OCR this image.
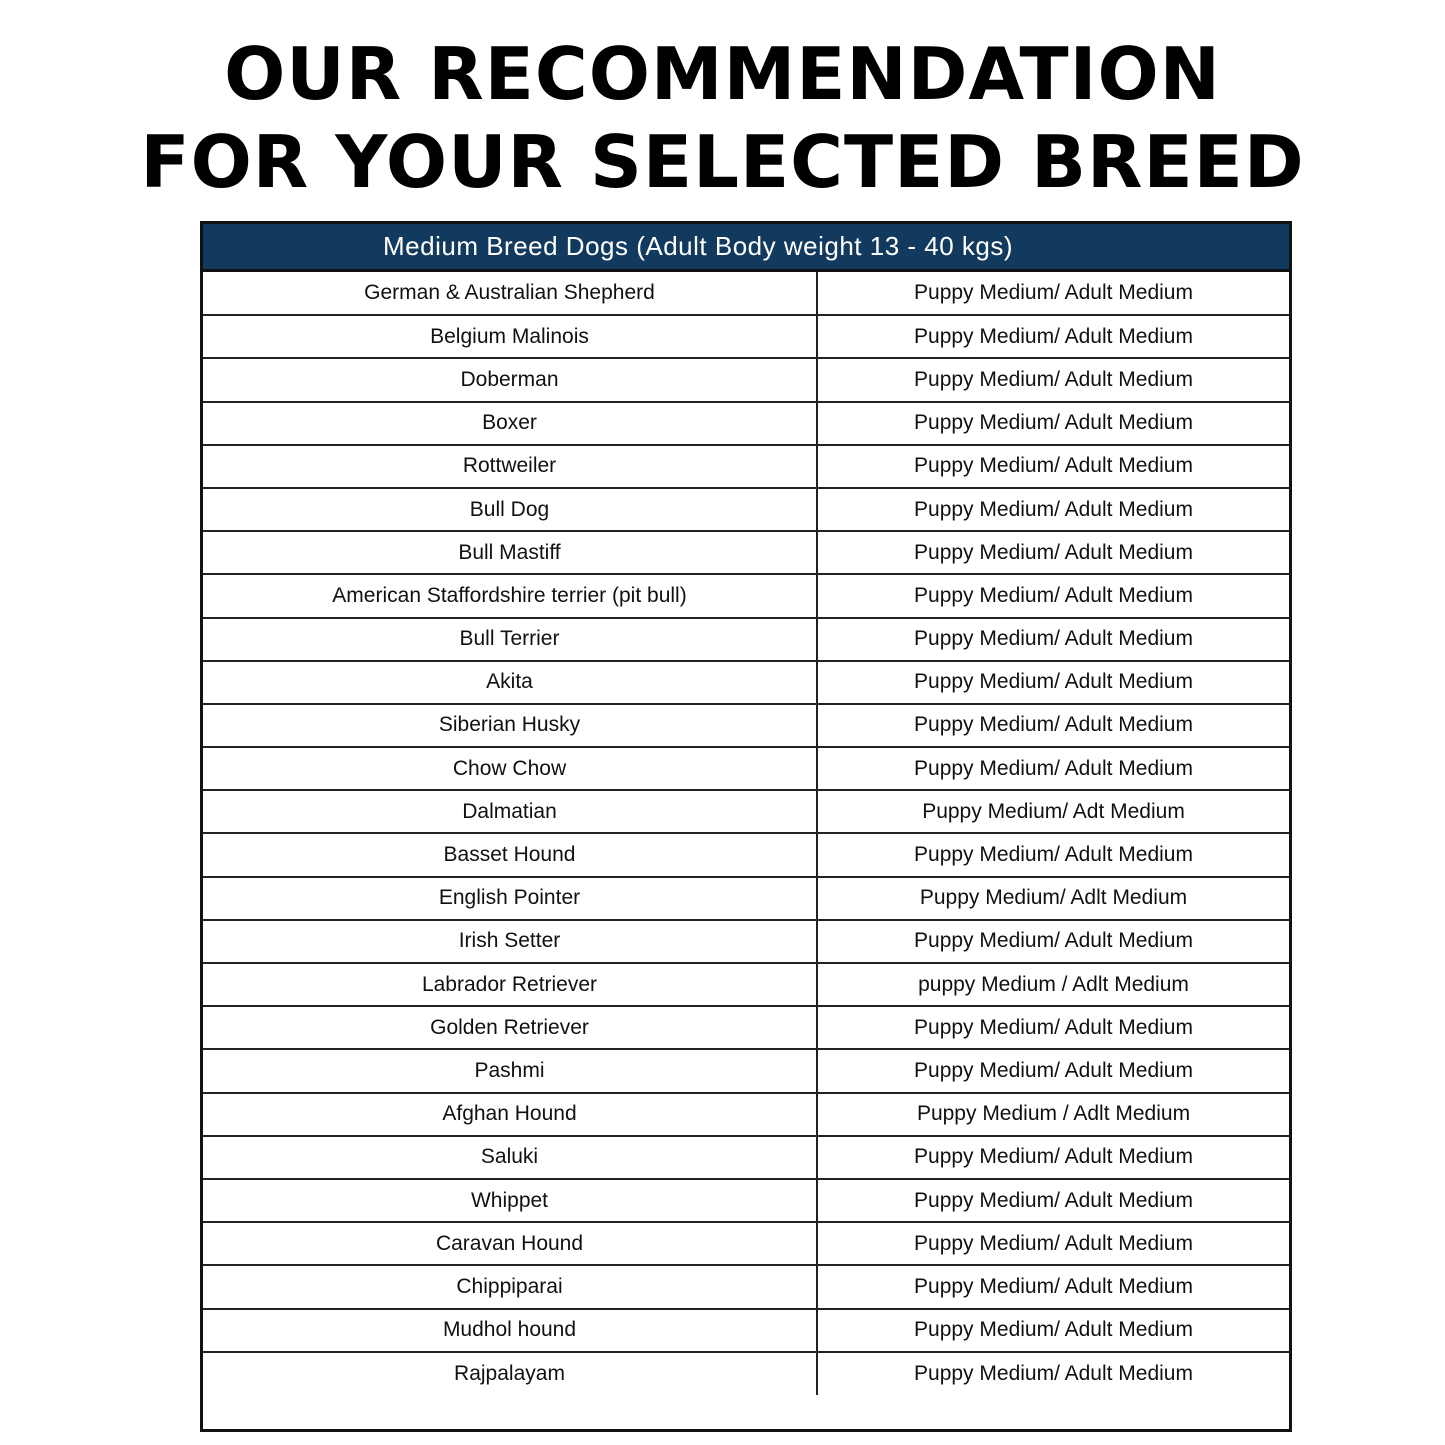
OUR RECOMMENDATION
FOR YOUR SELECTED BREED
Medium Breed Dogs (Adult Body weight 13 - 40 kgs)
German & Australian Shepherd	Puppy Medium/ Adult Medium
Belgium Malinois	Puppy Medium/ Adult Medium
Doberman	Puppy Medium/ Adult Medium
Boxer	Puppy Medium/ Adult Medium
Rottweiler	Puppy Medium/ Adult Medium
Bull Dog	Puppy Medium/ Adult Medium
Bull Mastiff	Puppy Medium/ Adult Medium
American Staffordshire terrier (pit bull)	Puppy Medium/ Adult Medium
Bull Terrier	Puppy Medium/ Adult Medium
Akita	Puppy Medium/ Adult Medium
Siberian Husky	Puppy Medium/ Adult Medium
Chow Chow	Puppy Medium/ Adult Medium
Dalmatian	Puppy Medium/ Adt Medium
Basset Hound	Puppy Medium/ Adult Medium
English Pointer	Puppy Medium/ Adlt Medium
Irish Setter	Puppy Medium/ Adult Medium
Labrador Retriever	puppy Medium / Adlt Medium
Golden Retriever	Puppy Medium/ Adult Medium
Pashmi	Puppy Medium/ Adult Medium
Afghan Hound	Puppy Medium / Adlt Medium
Saluki	Puppy Medium/ Adult Medium
Whippet	Puppy Medium/ Adult Medium
Caravan Hound	Puppy Medium/ Adult Medium
Chippiparai	Puppy Medium/ Adult Medium
Mudhol hound	Puppy Medium/ Adult Medium
Rajpalayam	Puppy Medium/ Adult Medium
